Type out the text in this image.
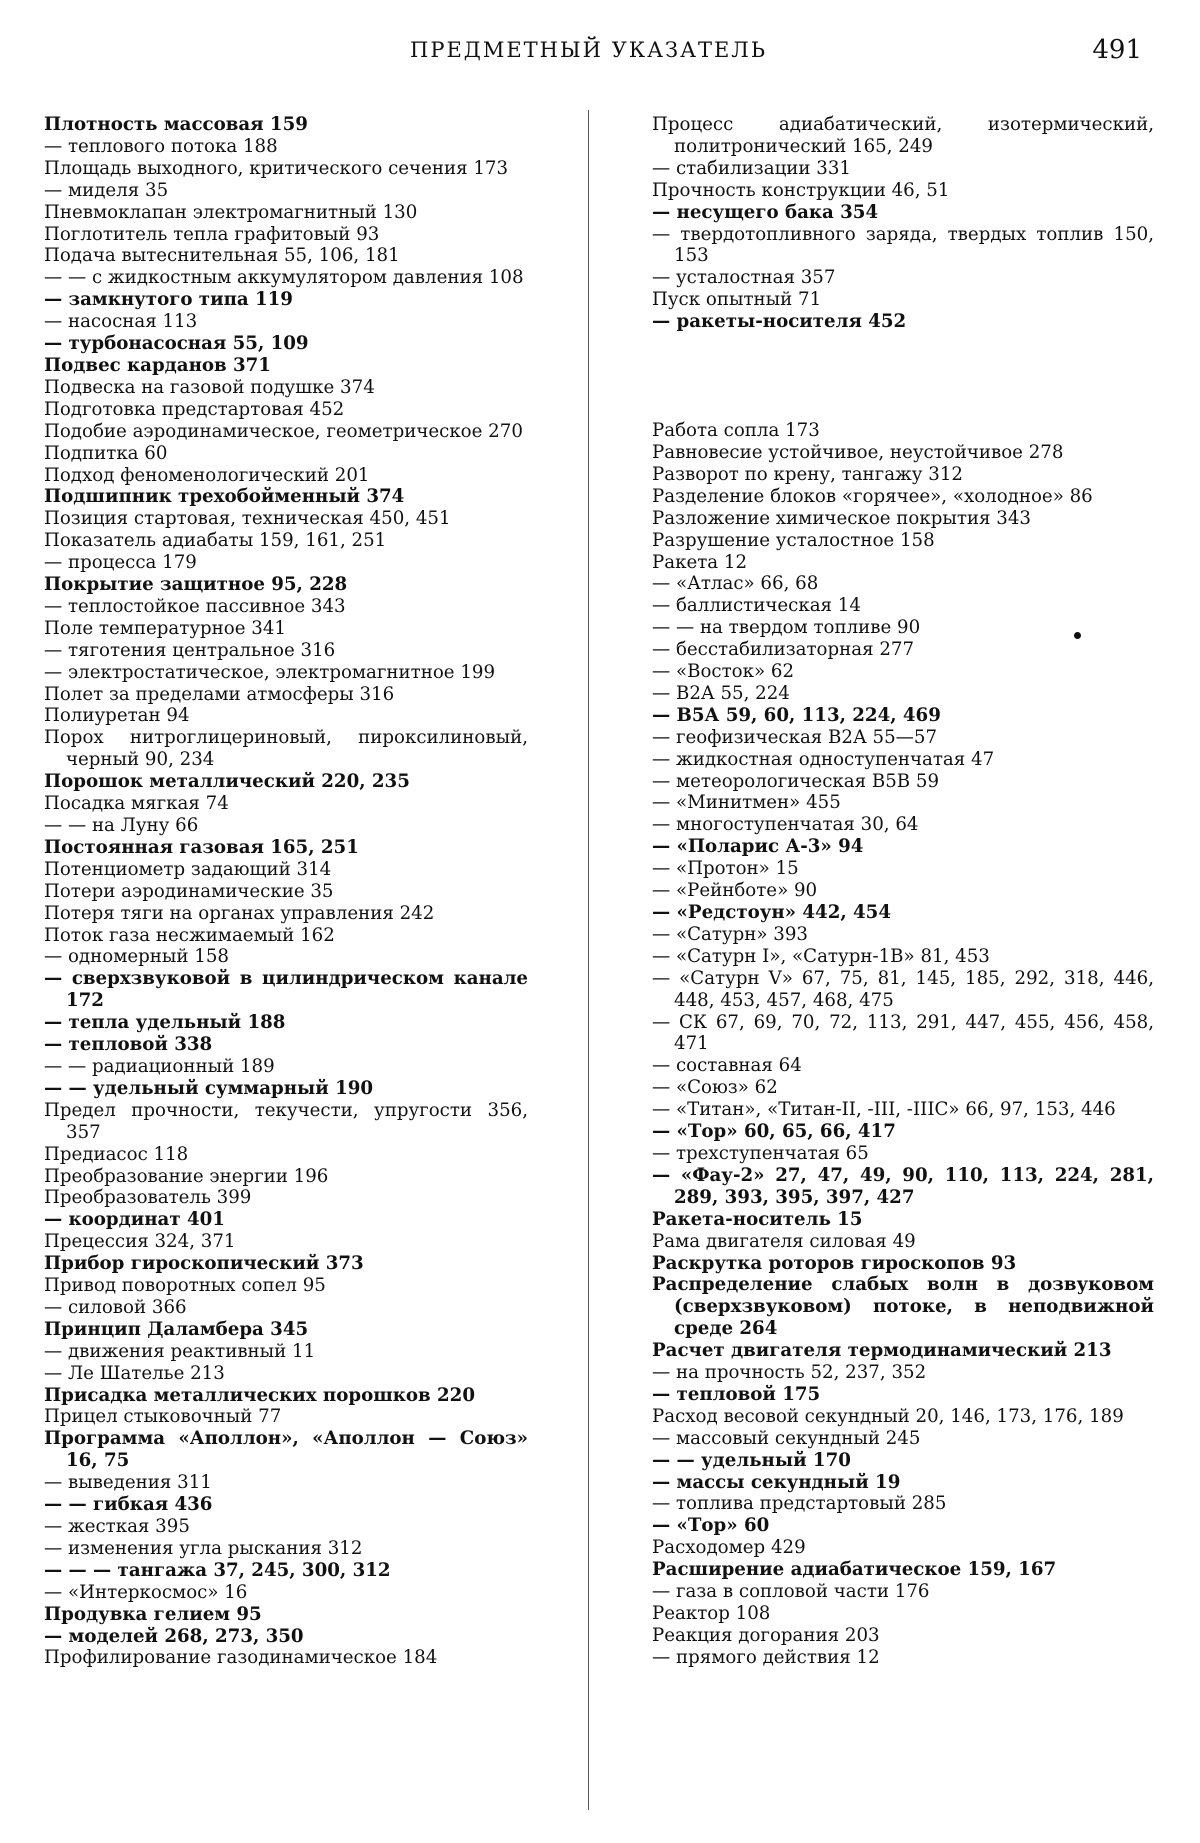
ПРЕДМЕТНЫЙ УКАЗАТЕЛЬ	491
Плотность массовая 159
— теплового потока 188
Площадь выходного, критического сечения 173
— миделя 35
Пневмоклапан электромагнитный 130
Поглотитель тепла графитовый 93
Подача вытеснительная 55, 106, 181
— — с жидкостным аккумулятором давления 108
— замкнутого типа 119
— насосная 113
— турбонасосная 55, 109
Подвес карданов 371
Подвеска на газовой подушке 374
Подготовка предстартовая 452
Подобие аэродинамическое, геометрическое 270
Подпитка 60
Подход феноменологический 201
Подшипник трехобойменный 374
Позиция стартовая, техническая 450, 451
Показатель адиабаты 159, 161, 251
— процесса 179
Покрытие защитное 95, 228
— теплостойкое пассивное 343
Поле температурное 341
— тяготения центральное 316
— электростатическое, электромагнитное 199
Полет за пределами атмосферы 316
Полиуретан 94
Порох нитроглицериновый, пироксилиновый, черный 90, 234
Порошок металлический 220, 235
Посадка мягкая 74
— — на Луну 66
Постоянная газовая 165, 251
Потенциометр задающий 314
Потери аэродинамические 35
Потеря тяги на органах управления 242
Поток газа несжимаемый 162
— одномерный 158
— сверхзвуковой в цилиндрическом канале 172
— тепла удельный 188
— тепловой 338
— — радиационный 189
— — удельный суммарный 190
Предел прочности, текучести, упругости 356, 357
Предиасос 118
Преобразование энергии 196
Преобразователь 399
— координат 401
Прецессия 324, 371
Прибор гироскопический 373
Привод поворотных сопел 95
— силовой 366
Принцип Даламбера 345
— движения реактивный 11
— Ле Шателье 213
Присадка металлических порошков 220
Прицел стыковочный 77
Программа «Аполлон», «Аполлон — Союз» 16, 75
— выведения 311
— — гибкая 436
— жесткая 395
— изменения угла рыскания 312
— — — тангажа 37, 245, 300, 312
— «Интеркосмос» 16
Продувка гелием 95
— моделей 268, 273, 350
Профилирование газодинамическое 184
Процесс адиабатический, изотермический, политронический 165, 249
— стабилизации 331
Прочность конструкции 46, 51
— несущего бака 354
— твердотопливного заряда, твердых топлив 150, 153
— усталостная 357
Пуск опытный 71
— ракеты-носителя 452
Работа сопла 173
Равновесие устойчивое, неустойчивое 278
Разворот по крену, тангажу 312
Разделение блоков «горячее», «холодное» 86
Разложение химическое покрытия 343
Разрушение усталостное 158
Ракета 12
— «Атлас» 66, 68
— баллистическая 14
— — на твердом топливе 90
— бесстабилизаторная 277
— «Восток» 62
— В2А 55, 224
— В5А 59, 60, 113, 224, 469
— геофизическая В2А 55—57
— жидкостная одноступенчатая 47
— метеорологическая В5В 59
— «Минитмен» 455
— многоступенчатая 30, 64
— «Поларис А-3» 94
— «Протон» 15
— «Рейнботе» 90
— «Редстоун» 442, 454
— «Сатурн» 393
— «Сатурн I», «Сатурн-1В» 81, 453
— «Сатурн V» 67, 75, 81, 145, 185, 292, 318, 446, 448, 453, 457, 468, 475
— СК 67, 69, 70, 72, 113, 291, 447, 455, 456, 458, 471
— составная 64
— «Союз» 62
— «Титан», «Титан-II, -III, -IIIС» 66, 97, 153, 446
— «Тор» 60, 65, 66, 417
— трехступенчатая 65
— «Фау-2» 27, 47, 49, 90, 110, 113, 224, 281, 289, 393, 395, 397, 427
Ракета-носитель 15
Рама двигателя силовая 49
Раскрутка роторов гироскопов 93
Распределение слабых волн в дозвуковом (сверхзвуковом) потоке, в неподвижной среде 264
Расчет двигателя термодинамический 213
— на прочность 52, 237, 352
— тепловой 175
Расход весовой секундный 20, 146, 173, 176, 189
— массовый секундный 245
— — удельный 170
— массы секундный 19
— топлива предстартовый 285
— «Тор» 60
Расходомер 429
Расширение адиабатическое 159, 167
— газа в сопловой части 176
Реактор 108
Реакция догорания 203
— прямого действия 12
